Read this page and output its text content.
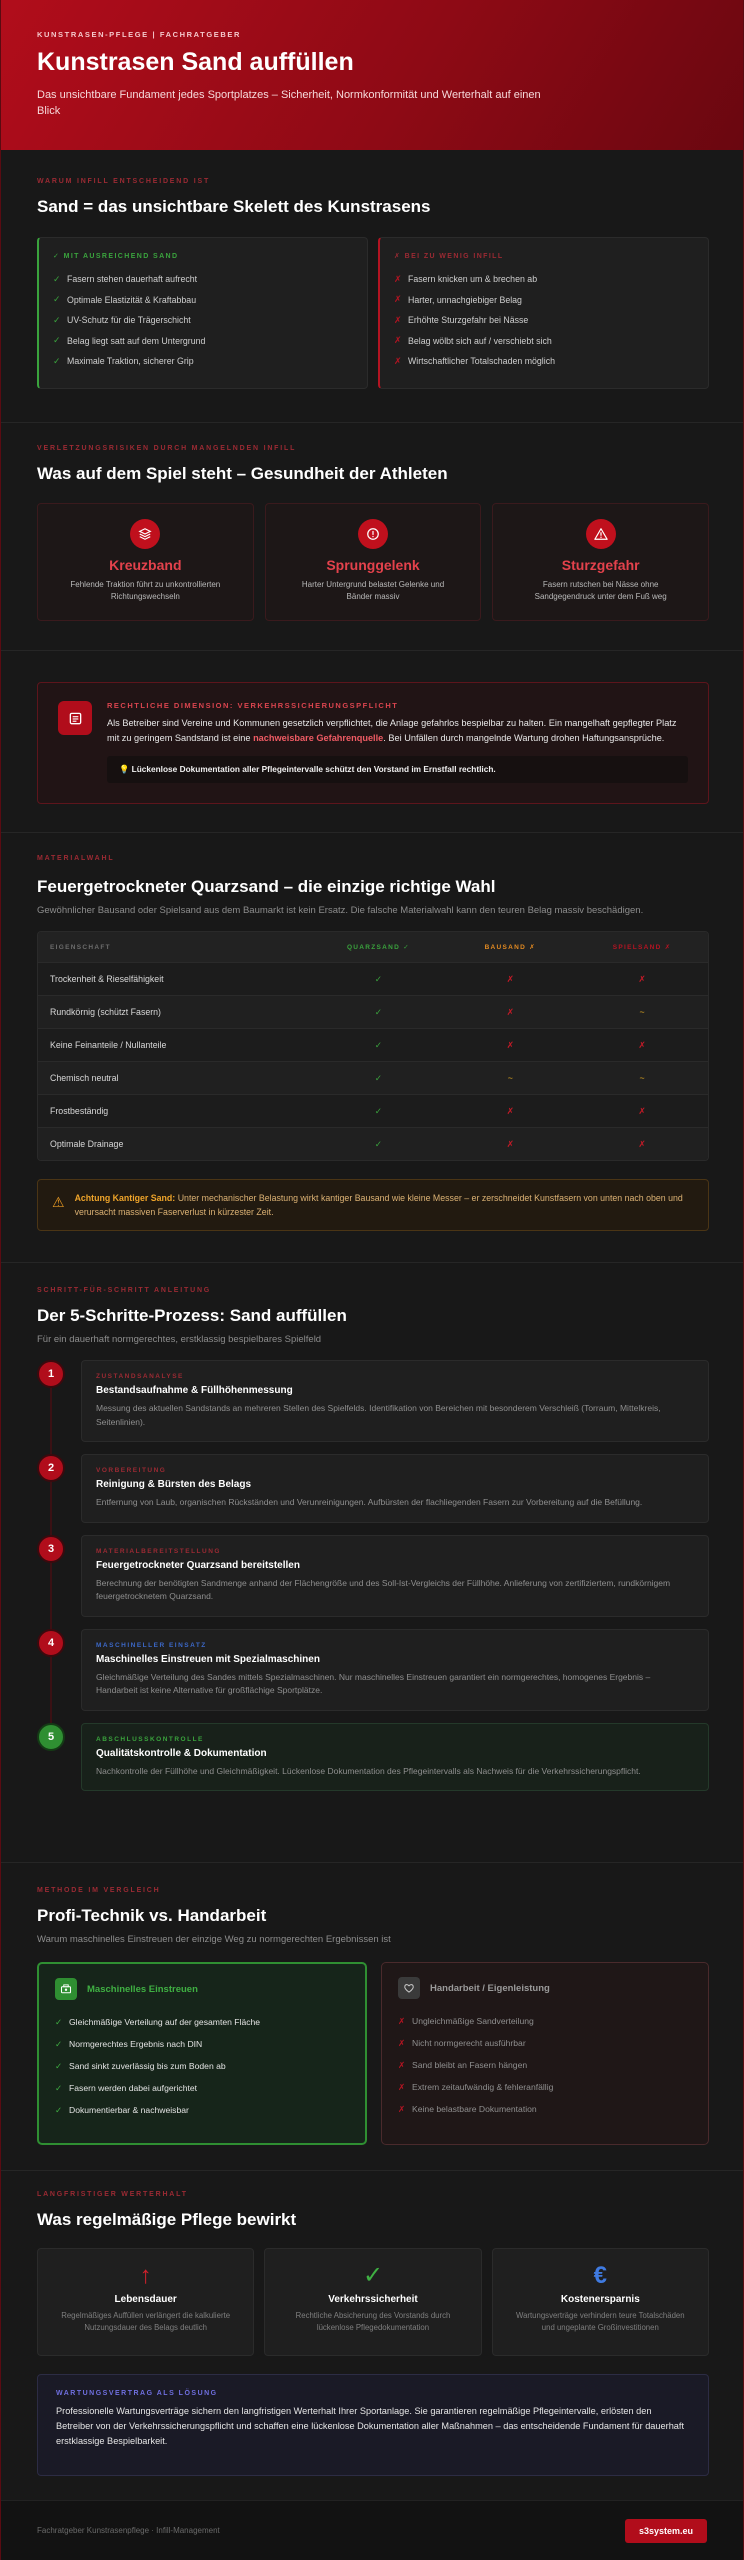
KUNSTRASEN-PFLEGE | FACHRATGEBER
Kunstrasen Sand auffüllen

Das unsichtbare Fundament jedes Sportplatzes – Sicherheit, Normkonformität und Werterhalt auf einen Blick

WARUM INFILL ENTSCHEIDEND IST
Sand = das unsichtbare Skelett des Kunstrasens
✓ MIT AUSREICHEND SAND
✓ Fasern stehen dauerhaft aufrecht
✓ Optimale Elastizität & Kraftabbau
✓ UV-Schutz für die Trägerschicht
✓ Belag liegt satt auf dem Untergrund
✓ Maximale Traktion, sicherer Grip
✗ BEI ZU WENIG INFILL
✗ Fasern knicken um & brechen ab
✗ Harter, unnachgiebiger Belag
✗ Erhöhte Sturzgefahr bei Nässe
✗ Belag wölbt sich auf / verschiebt sich
✗ Wirtschaftlicher Totalschaden möglich
VERLETZUNGSRISIKEN DURCH MANGELNDEN INFILL
Was auf dem Spiel steht – Gesundheit der Athleten
Kreuzband

Fehlende Traktion führt zu unkontrollierten Richtungswechseln

Sprunggelenk

Harter Untergrund belastet Gelenke und Bänder massiv

Sturzgefahr

Fasern rutschen bei Nässe ohne Sandgegendruck unter dem Fuß weg

RECHTLICHE DIMENSION: VERKEHRSSICHERUNGSPFLICHT
Als Betreiber sind Vereine und Kommunen gesetzlich verpflichtet, die Anlage gefahrlos bespielbar zu halten. Ein mangelhaft gepflegter Platz mit zu geringem Sandstand ist eine nachweisbare Gefahrenquelle. Bei Unfällen durch mangelnde Wartung drohen Haftungsansprüche.
💡 Lückenlose Dokumentation aller Pflegeintervalle schützt den Vorstand im Ernstfall rechtlich.
MATERIALWAHL
Feuergetrockneter Quarzsand – die einzige richtige Wahl
Gewöhnlicher Bausand oder Spielsand aus dem Baumarkt ist kein Ersatz. Die falsche Materialwahl kann den teuren Belag massiv beschädigen.
EIGENSCHAFT	QUARZSAND ✓	BAUSAND ✗	SPIELSAND ✗
Trockenheit & Rieselfähigkeit	✓	✗	✗
Rundkörnig (schützt Fasern)	✓	✗	~
Keine Feinanteile / Nullanteile	✓	✗	✗
Chemisch neutral	✓	~	~
Frostbeständig	✓	✗	✗
Optimale Drainage	✓	✗	✗
⚠ Achtung Kantiger Sand: Unter mechanischer Belastung wirkt kantiger Bausand wie kleine Messer – er zerschneidet Kunstfasern von unten nach oben und verursacht massiven Faserverlust in kürzester Zeit.

SCHRITT-FÜR-SCHRITT ANLEITUNG
Der 5-Schritte-Prozess: Sand auffüllen
Für ein dauerhaft normgerechtes, erstklassig bespielbares Spielfeld
1	ZUSTANDSANALYSE
Bestandsaufnahme & Füllhöhenmessung
Messung des aktuellen Sandstands an mehreren Stellen des Spielfelds. Identifikation von Bereichen mit besonderem Verschleiß (Torraum, Mittelkreis, Seitenlinien).
2	VORBEREITUNG
Reinigung & Bürsten des Belags
Entfernung von Laub, organischen Rückständen und Verunreinigungen. Aufbürsten der flachliegenden Fasern zur Vorbereitung auf die Befüllung.
3	MATERIALBEREITSTELLUNG
Feuergetrockneter Quarzsand bereitstellen
Berechnung der benötigten Sandmenge anhand der Flächengröße und des Soll-Ist-Vergleichs der Füllhöhe. Anlieferung von zertifiziertem, rundkörnigem feuergetrocknetem Quarzsand.
4	MASCHINELLER EINSATZ
Maschinelles Einstreuen mit Spezialmaschinen
Gleichmäßige Verteilung des Sandes mittels Spezialmaschinen. Nur maschinelles Einstreuen garantiert ein normgerechtes, homogenes Ergebnis – Handarbeit ist keine Alternative für großflächige Sportplätze.
5	ABSCHLUSSKONTROLLE
Qualitätskontrolle & Dokumentation
Nachkontrolle der Füllhöhe und Gleichmäßigkeit. Lückenlose Dokumentation des Pflegeintervalls als Nachweis für die Verkehrssicherungspflicht.
METHODE IM VERGLEICH
Profi-Technik vs. Handarbeit
Warum maschinelles Einstreuen der einzige Weg zu normgerechten Ergebnissen ist
Maschinelles Einstreuen
✓ Gleichmäßige Verteilung auf der gesamten Fläche
✓ Normgerechtes Ergebnis nach DIN
✓ Sand sinkt zuverlässig bis zum Boden ab
✓ Fasern werden dabei aufgerichtet
✓ Dokumentierbar & nachweisbar
Handarbeit / Eigenleistung
✗ Ungleichmäßige Sandverteilung
✗ Nicht normgerecht ausführbar
✗ Sand bleibt an Fasern hängen
✗ Extrem zeitaufwändig & fehleranfällig
✗ Keine belastbare Dokumentation
LANGFRISTIGER WERTERHALT
Was regelmäßige Pflege bewirkt
↑
Lebensdauer

Regelmäßiges Auffüllen verlängert die kalkulierte Nutzungsdauer des Belags deutlich

✓
Verkehrssicherheit

Rechtliche Absicherung des Vorstands durch lückenlose Pflegedokumentation

€
Kostenersparnis

Wartungsverträge verhindern teure Totalschäden und ungeplante Großinvestitionen

WARTUNGSVERTRAG ALS LÖSUNG

Professionelle Wartungsverträge sichern den langfristigen Werterhalt Ihrer Sportanlage. Sie garantieren regelmäßige Pflegeintervalle, erlösten den Betreiber von der Verkehrssicherungspflicht und schaffen eine lückenlose Dokumentation aller Maßnahmen – das entscheidende Fundament für dauerhaft erstklassige Bespielbarkeit.

Fachratgeber Kunstrasenpflege · Infill-Management	s3system.eu
